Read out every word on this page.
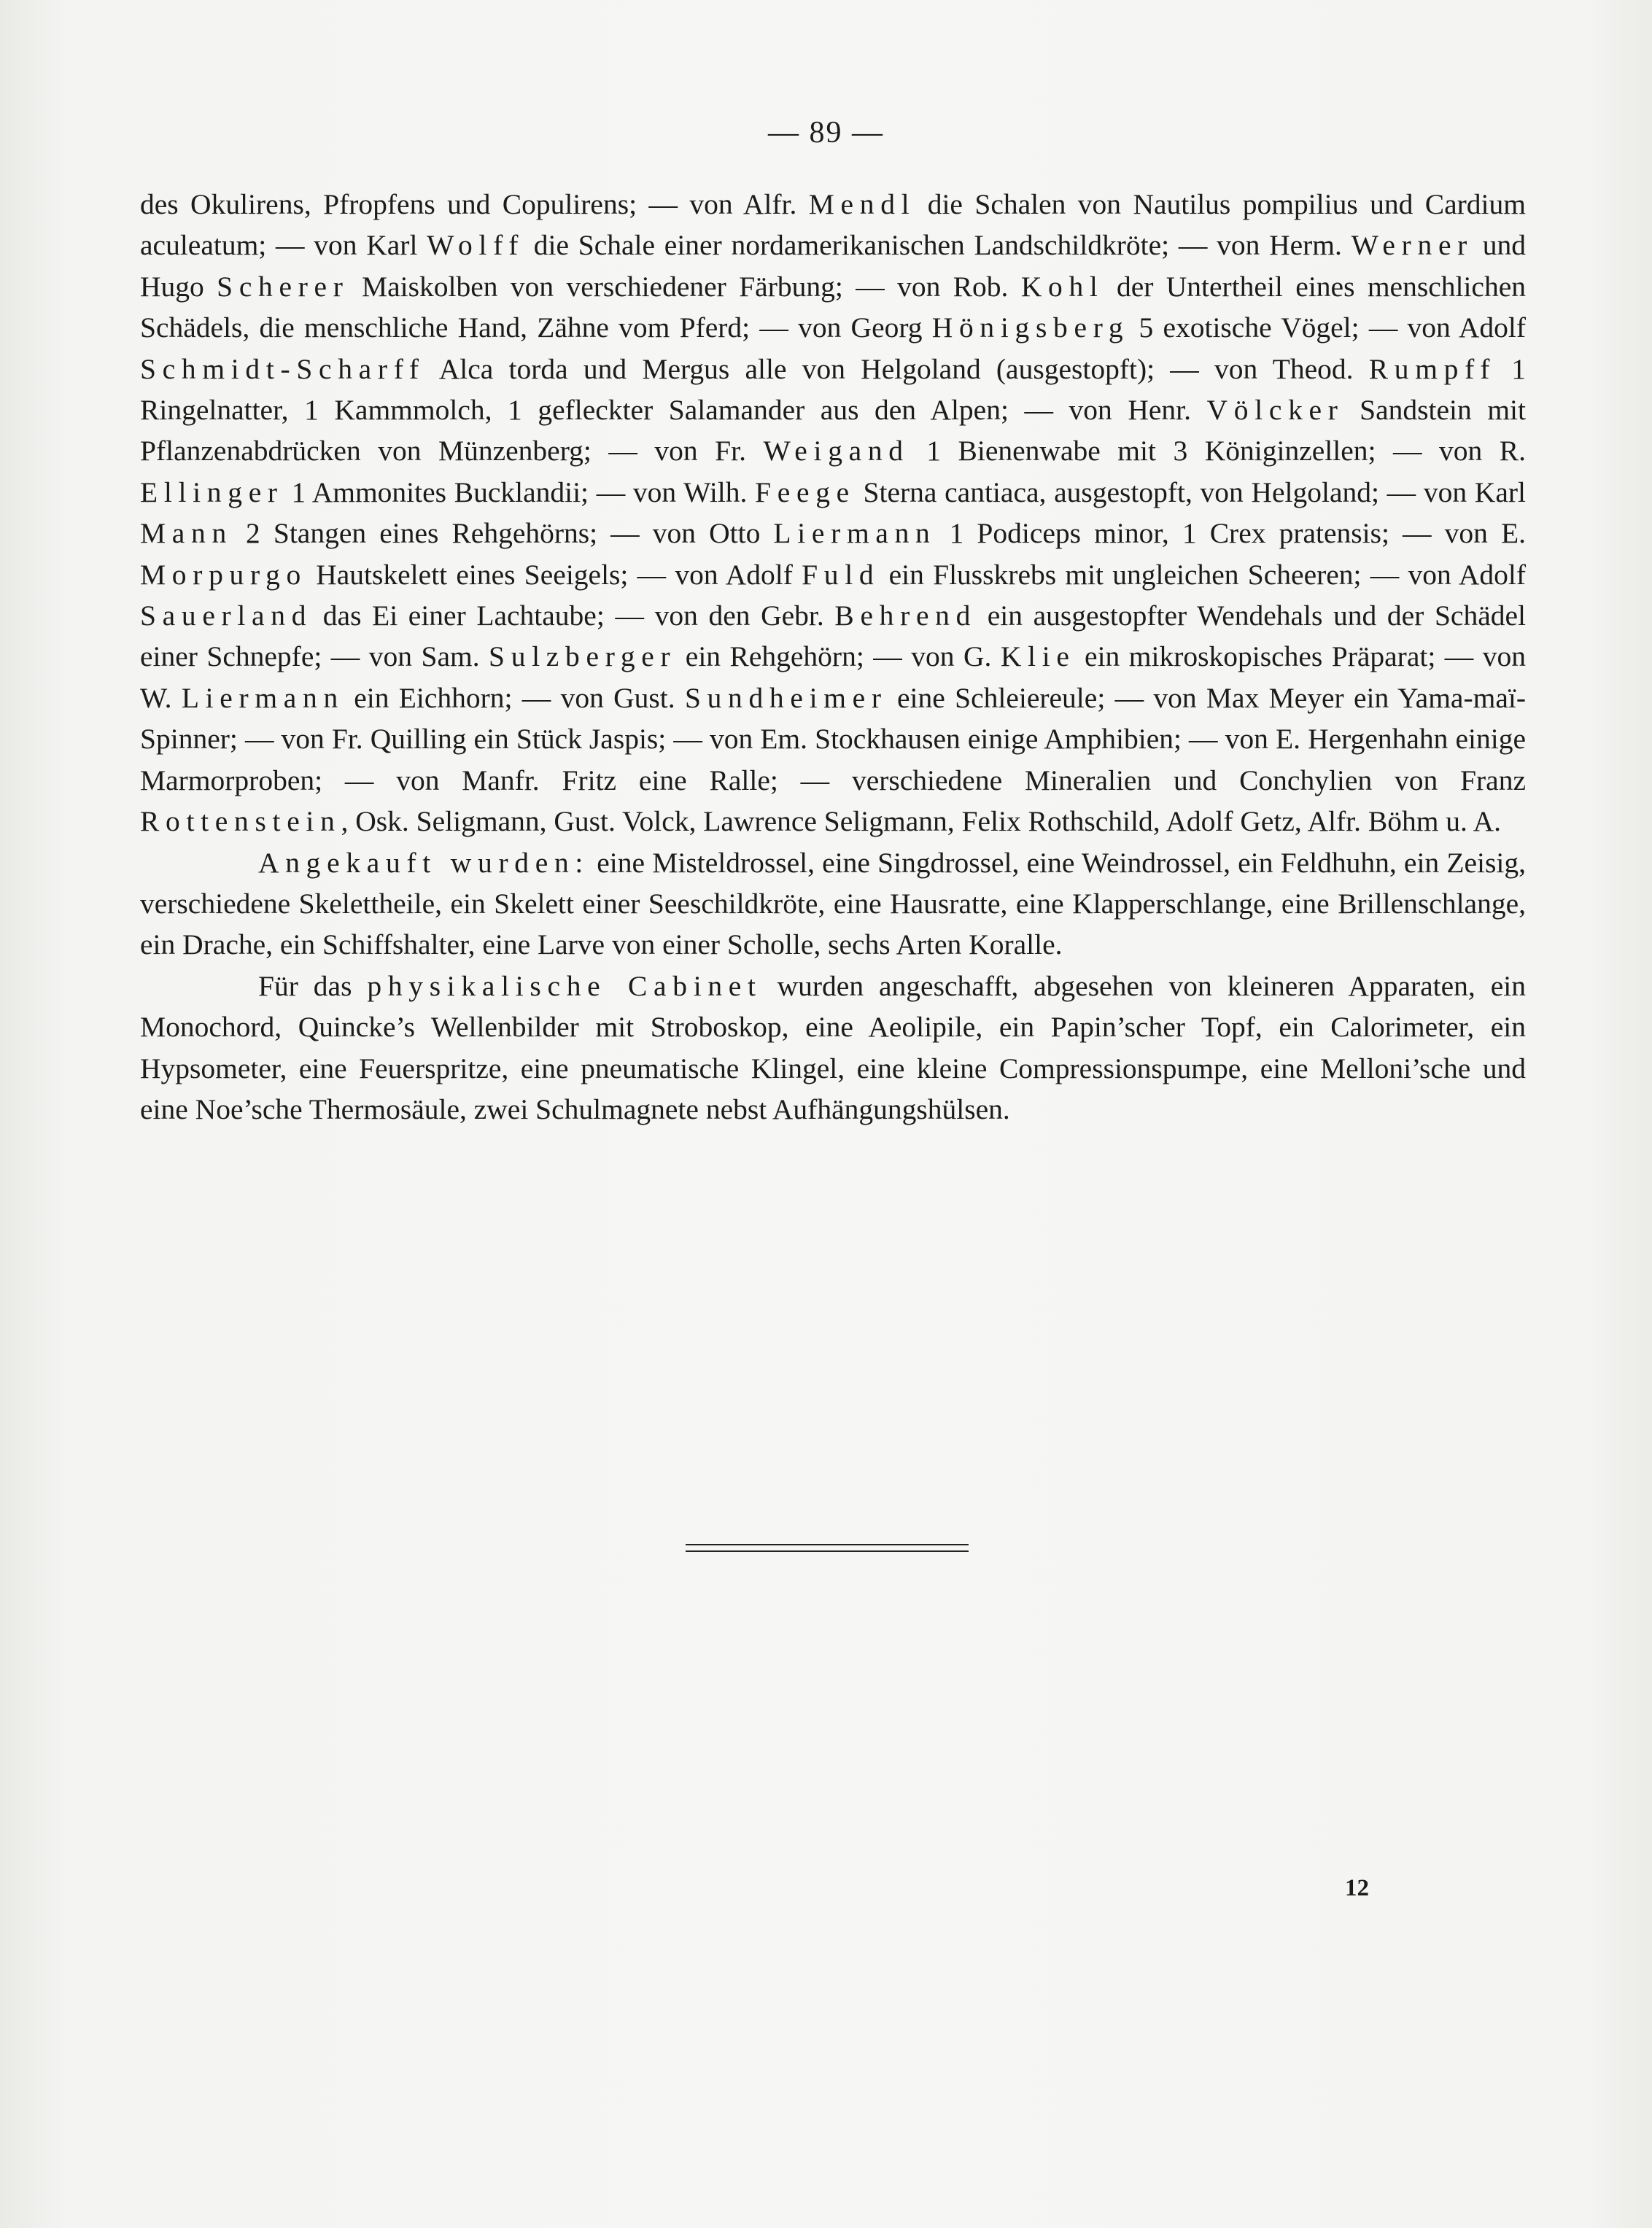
— 89 —

des Okulirens, Pfropfens und Copulirens; — von Alfr. Mendl die Schalen von Nautilus pompilius und Cardium aculeatum; — von Karl Wolff die Schale einer nordamerikanischen Landschildkröte; — von Herm. Werner und Hugo Scherer Maiskolben von verschiedener Färbung; — von Rob. Kohl der Untertheil eines menschlichen Schädels, die menschliche Hand, Zähne vom Pferd; — von Georg Hönigsberg 5 exotische Vögel; — von Adolf Schmidt-Scharff Alca torda und Mergus alle von Helgoland (ausgestopft); — von Theod. Rumpff 1 Ringelnatter, 1 Kammmolch, 1 gefleckter Salamander aus den Alpen; — von Henr. Völcker Sandstein mit Pflanzenabdrücken von Münzenberg; — von Fr. Weigand 1 Bienenwabe mit 3 Königinzellen; — von R. Ellinger 1 Ammonites Bucklandii; — von Wilh. Feege Sterna cantiaca, ausgestopft, von Helgoland; — von Karl Mann 2 Stangen eines Rehgehörns; — von Otto Liermann 1 Podiceps minor, 1 Crex pratensis; — von E. Morpurgo Hautskelett eines Seeigels; — von Adolf Fuld ein Flusskrebs mit ungleichen Scheeren; — von Adolf Sauerland das Ei einer Lachtaube; — von den Gebr. Behrend ein ausgestopfter Wendehals und der Schädel einer Schnepfe; — von Sam. Sulzberger ein Rehgehörn; — von G. Klie ein mikroskopisches Präparat; — von W. Liermann ein Eichhorn; — von Gust. Sundheimer eine Schleiereule; — von Max Meyer ein Yama-maï-Spinner; — von Fr. Quilling ein Stück Jaspis; — von Em. Stockhausen einige Amphibien; — von E. Hergenhahn einige Marmorproben; — von Manfr. Fritz eine Ralle; — verschiedene Mineralien und Conchylien von Franz Rottenstein, Osk. Seligmann, Gust. Volck, Lawrence Seligmann, Felix Rothschild, Adolf Getz, Alfr. Böhm u. A.

Angekauft wurden: eine Misteldrossel, eine Singdrossel, eine Weindrossel, ein Feldhuhn, ein Zeisig, verschiedene Skelettheile, ein Skelett einer Seeschildkröte, eine Hausratte, eine Klapperschlange, eine Brillenschlange, ein Drache, ein Schiffshalter, eine Larve von einer Scholle, sechs Arten Koralle.

Für das physikalische Cabinet wurden angeschafft, abgesehen von kleineren Apparaten, ein Monochord, Quincke’s Wellenbilder mit Stroboskop, eine Aeolipile, ein Papin’scher Topf, ein Calorimeter, ein Hypsometer, eine Feuerspritze, eine pneumatische Klingel, eine kleine Compressionspumpe, eine Melloni’sche und eine Noe’sche Thermosäule, zwei Schulmagnete nebst Aufhängungshülsen.

12
